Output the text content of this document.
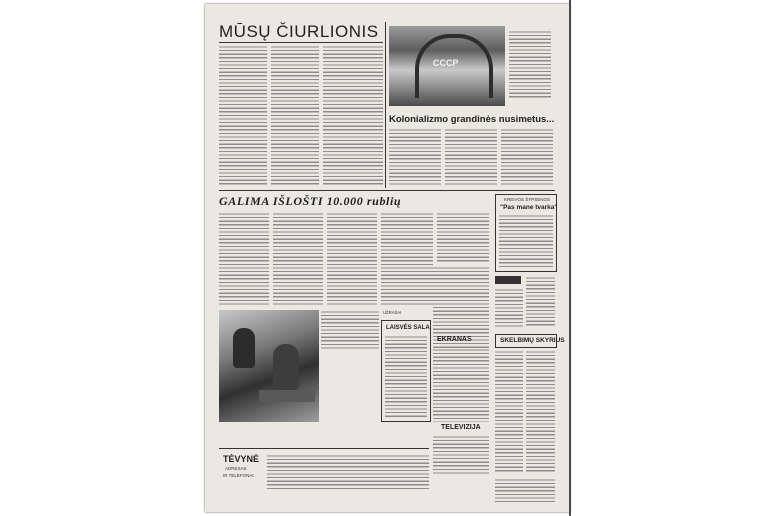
MŪSŲ ČIURLIONIS
CCCP
Kolonializmo grandinės nusimetus...
GALIMA IŠLOŠTI 10.000 rublių	KREIVOS ŠYPSENOS
"Pas mane tvarka"
LAISVĖS SALA
UŽRAŠAI
EKRANAS	SKELBIMŲ SKYRIUS
TELEVIZIJA
TĖVYNĖ
ADRESAS
IR TELEFONAI
